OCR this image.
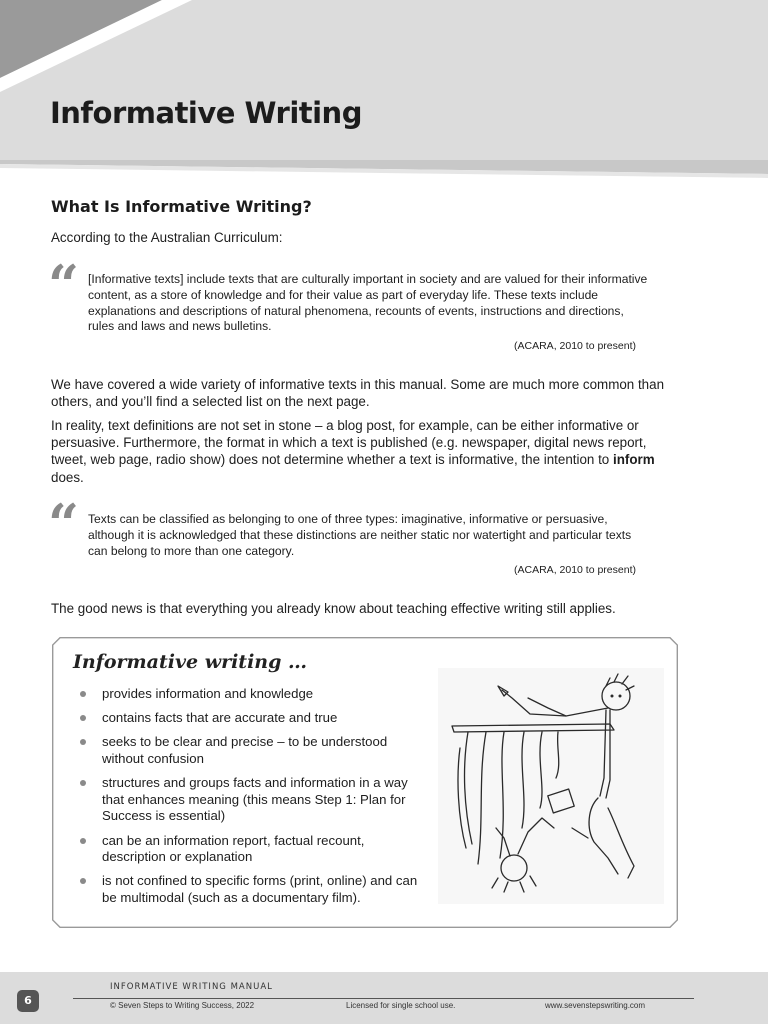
Informative Writing
What Is Informative Writing?

According to the Australian Curriculum:

“ [Informative texts] include texts that are culturally important in society and are valued for their informative content, as a store of knowledge and for their value as part of everyday life. These texts include explanations and descriptions of natural phenomena, recounts of events, instructions and directions, rules and laws and news bulletins.

(ACARA, 2010 to present)

We have covered a wide variety of informative texts in this manual. Some are much more common than others, and you’ll find a selected list on the next page.

In reality, text definitions are not set in stone – a blog post, for example, can be either informative or persuasive. Furthermore, the format in which a text is published (e.g. newspaper, digital news report, tweet, web page, radio show) does not determine whether a text is informative, the intention to inform does.

“ Texts can be classified as belonging to one of three types: imaginative, informative or persuasive, although it is acknowledged that these distinctions are neither static nor watertight and particular texts can belong to more than one category.

(ACARA, 2010 to present)

The good news is that everything you already know about teaching effective writing still applies.

Informative writing …
provides information and knowledge
contains facts that are accurate and true
seeks to be clear and precise – to be understood without confusion
structures and groups facts and information in a way that enhances meaning (this means Step 1: Plan for Success is essential)
can be an information report, factual recount, description or explanation
is not confined to specific forms (print, online) and can be multimodal (such as a documentary film).
6

INFORMATIVE WRITING MANUAL

© Seven Steps to Writing Success, 2022	Licensed for single school use.	www.sevenstepswriting.com
